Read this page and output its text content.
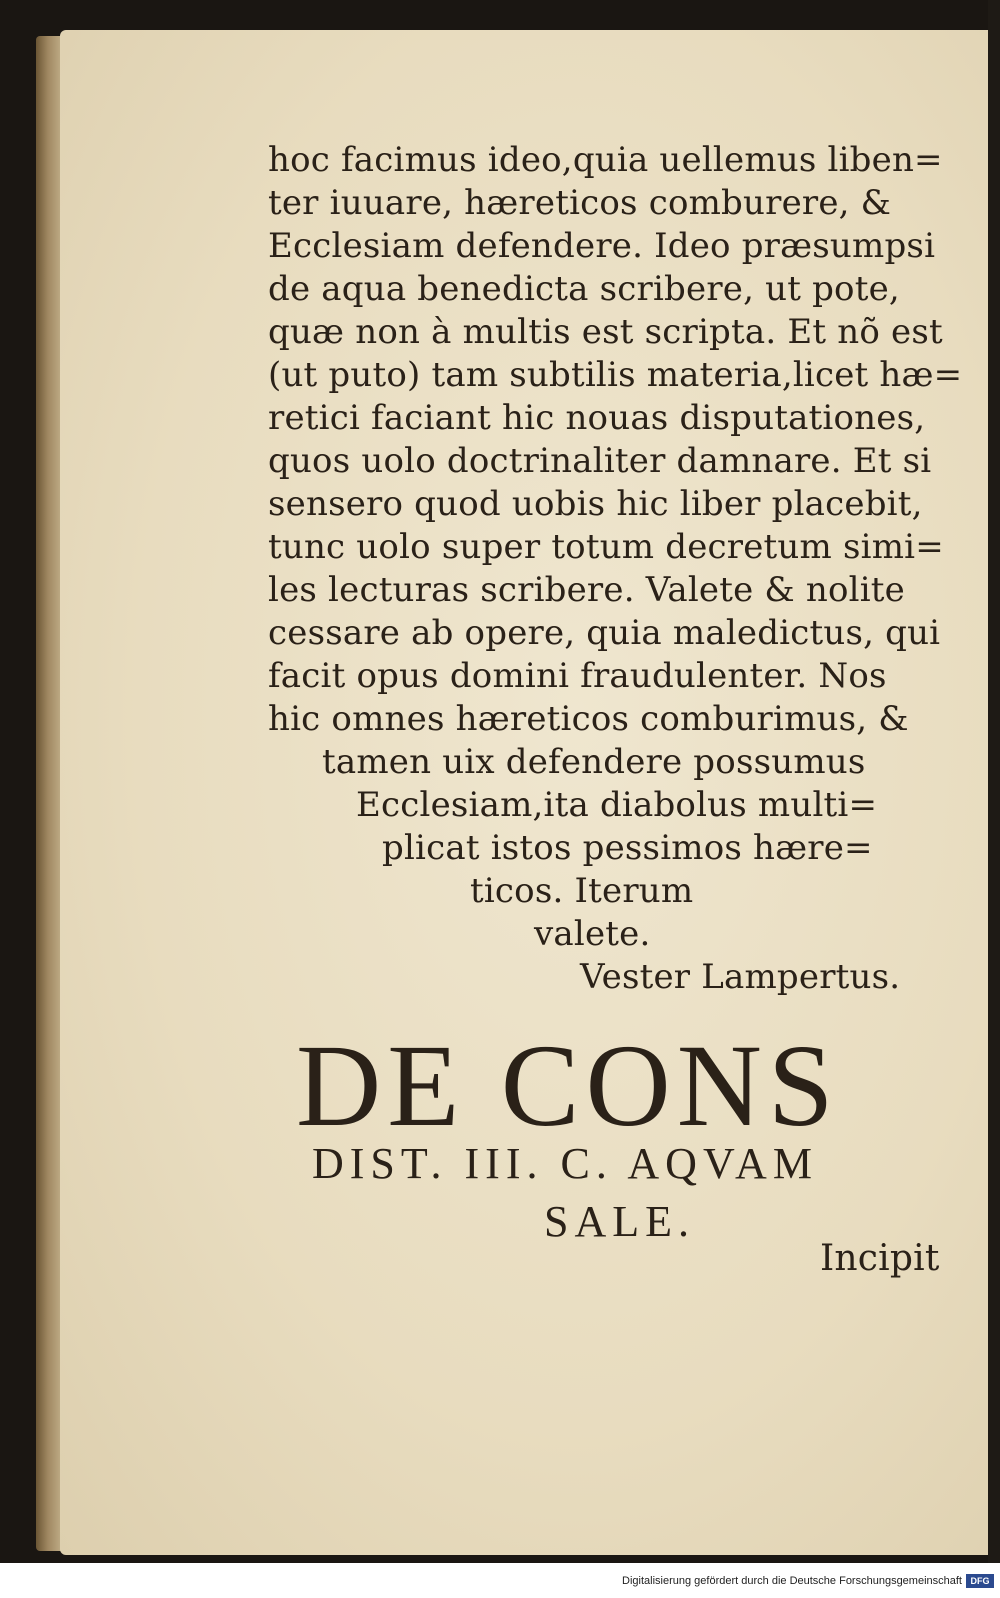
hoc facimus ideo,quia uellemus liben=
ter iuuare, hæreticos comburere, &
Ecclesiam defendere. Ideo præsumpsi
de aqua benedicta scribere, ut pote,
quæ non à multis est scripta. Et nõ est
(ut puto) tam subtilis materia,licet hæ=
retici faciant hic nouas disputationes,
quos uolo doctrinaliter damnare. Et si
sensero quod uobis hic liber placebit,
tunc uolo super totum decretum simi=
les lecturas scribere. Valete & nolite
cessare ab opere, quia maledictus, qui
facit opus domini fraudulenter. Nos
hic omnes hæreticos comburimus, &
tamen uix defendere possumus
Ecclesiam,ita diabolus multi=
plicat istos pessimos hære=
ticos. Iterum
valete.
Vester Lampertus.
DE CONS
DIST. III. C. AQVAM
SALE.
Incipit
Digitalisierung gefördert durch die Deutsche Forschungsgemeinschaft DFG
